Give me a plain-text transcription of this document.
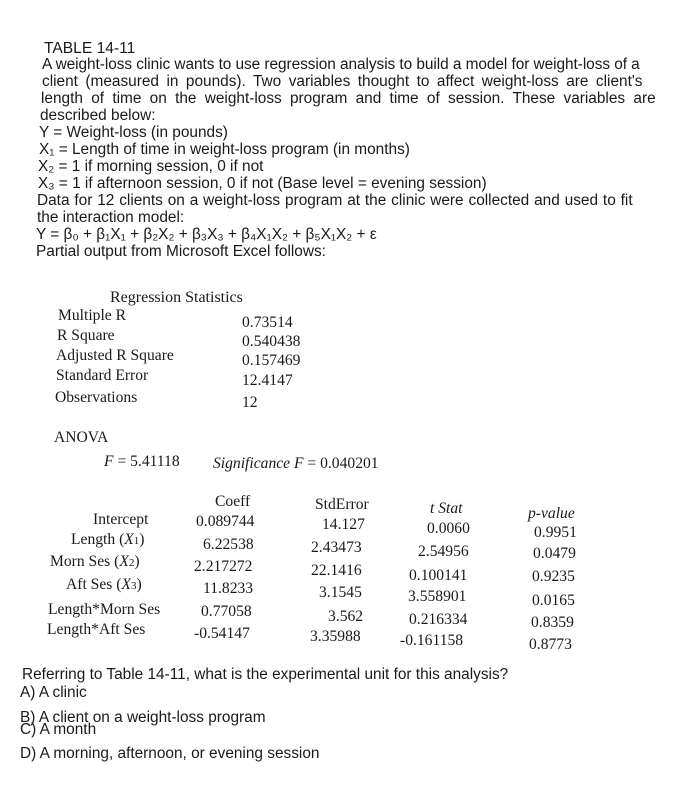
TABLE 14-11
A weight-loss clinic wants to use regression analysis to build a model for weight-loss of a
client (measured in pounds). Two variables thought to affect weight-loss are client's
length of time on the weight-loss program and time of session. These variables are
described below:
Y = Weight-loss (in pounds)
X₁ = Length of time in weight-loss program (in months)
X₂ = 1 if morning session, 0 if not
X₃ = 1 if afternoon session, 0 if not (Base level = evening session)
Data for 12 clients on a weight-loss program at the clinic were collected and used to fit
the interaction model:
Y = β₀ + β₁X₁ + β₂X₂ + β₃X₃ + β₄X₁X₂ + β₅X₁X₂ + ε
Partial output from Microsoft Excel follows:
Regression Statistics
Multiple R	0.73514
R Square	0.540438
Adjusted R Square	0.157469
Standard Error	12.4147
Observations	12
ANOVA
F = 5.41118 Significance F = 0.040201
Coeff	StdError	t Stat	p-value
Intercept	0.089744	14.127	0.0060	0.9951
Length (X1)	6.22538	2.43473	2.54956	0.0479
Morn Ses (X2)	2.217272	22.1416	0.100141	0.9235
Aft Ses (X3)	11.8233	3.1545	3.558901	0.0165
Length*Morn Ses	0.77058	3.562	0.216334	0.8359
Length*Aft Ses	-0.54147	3.35988	-0.161158	0.8773
Referring to Table 14-11, what is the experimental unit for this analysis?
A) A clinic
B) A client on a weight-loss program
C) A month
D) A morning, afternoon, or evening session
